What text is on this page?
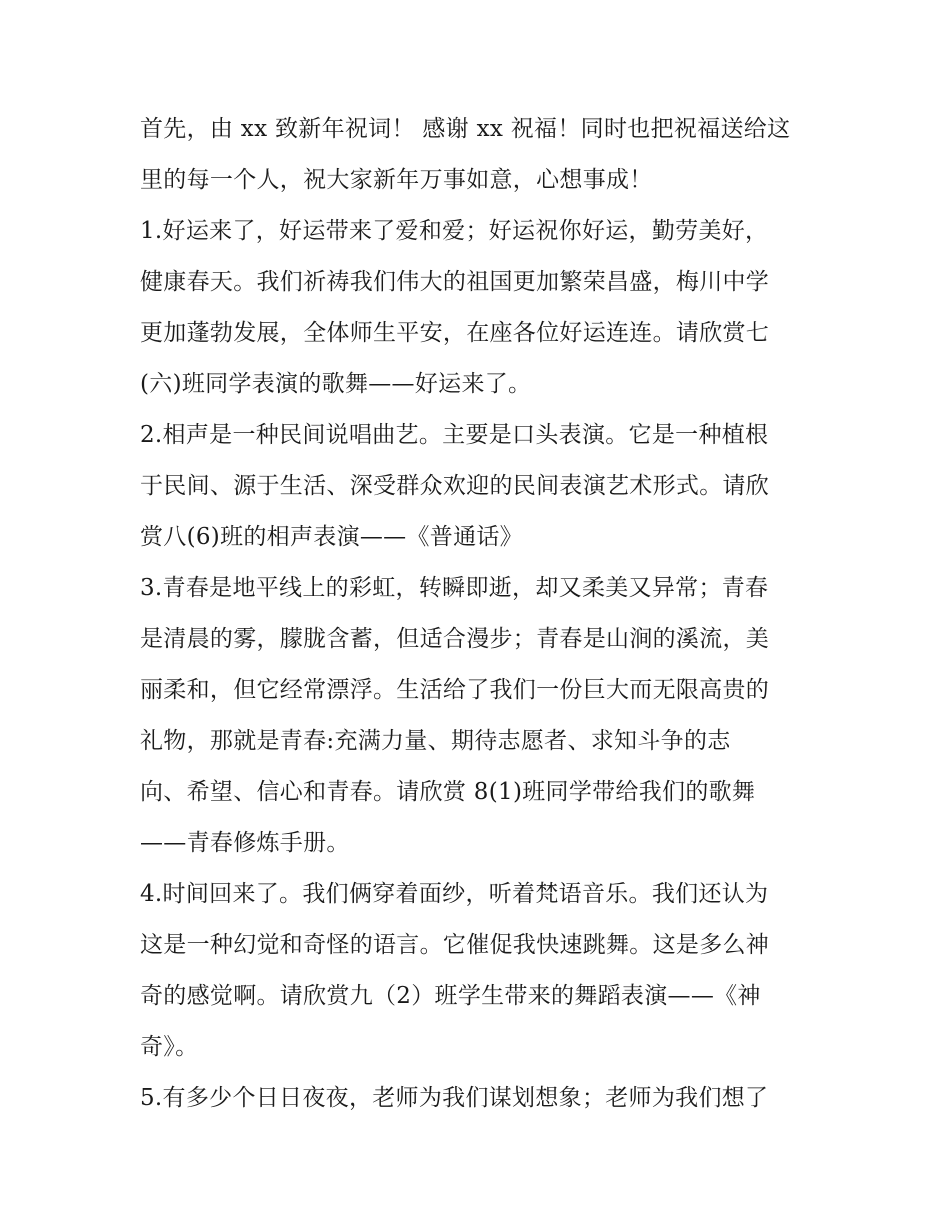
首先，由 xx 致新年祝词！ 感谢 xx 祝福！同时也把祝福送给这
里的每一个人，祝大家新年万事如意，心想事成！
1.好运来了，好运带来了爱和爱；好运祝你好运，勤劳美好，
健康春天。我们祈祷我们伟大的祖国更加繁荣昌盛，梅川中学
更加蓬勃发展，全体师生平安，在座各位好运连连。请欣赏七
(六)班同学表演的歌舞——好运来了。
2.相声是一种民间说唱曲艺。主要是口头表演。它是一种植根
于民间、源于生活、深受群众欢迎的民间表演艺术形式。请欣
赏八(6)班的相声表演——《普通话》
3.青春是地平线上的彩虹，转瞬即逝，却又柔美又异常；青春
是清晨的雾，朦胧含蓄，但适合漫步；青春是山涧的溪流，美
丽柔和，但它经常漂浮。生活给了我们一份巨大而无限高贵的
礼物，那就是青春:充满力量、期待志愿者、求知斗争的志
向、希望、信心和青春。请欣赏 8(1)班同学带给我们的歌舞
——青春修炼手册。
4.时间回来了。我们俩穿着面纱，听着梵语音乐。我们还认为
这是一种幻觉和奇怪的语言。它催促我快速跳舞。这是多么神
奇的感觉啊。请欣赏九（2）班学生带来的舞蹈表演——《神
奇》。
5.有多少个日日夜夜，老师为我们谋划想象；老师为我们想了
